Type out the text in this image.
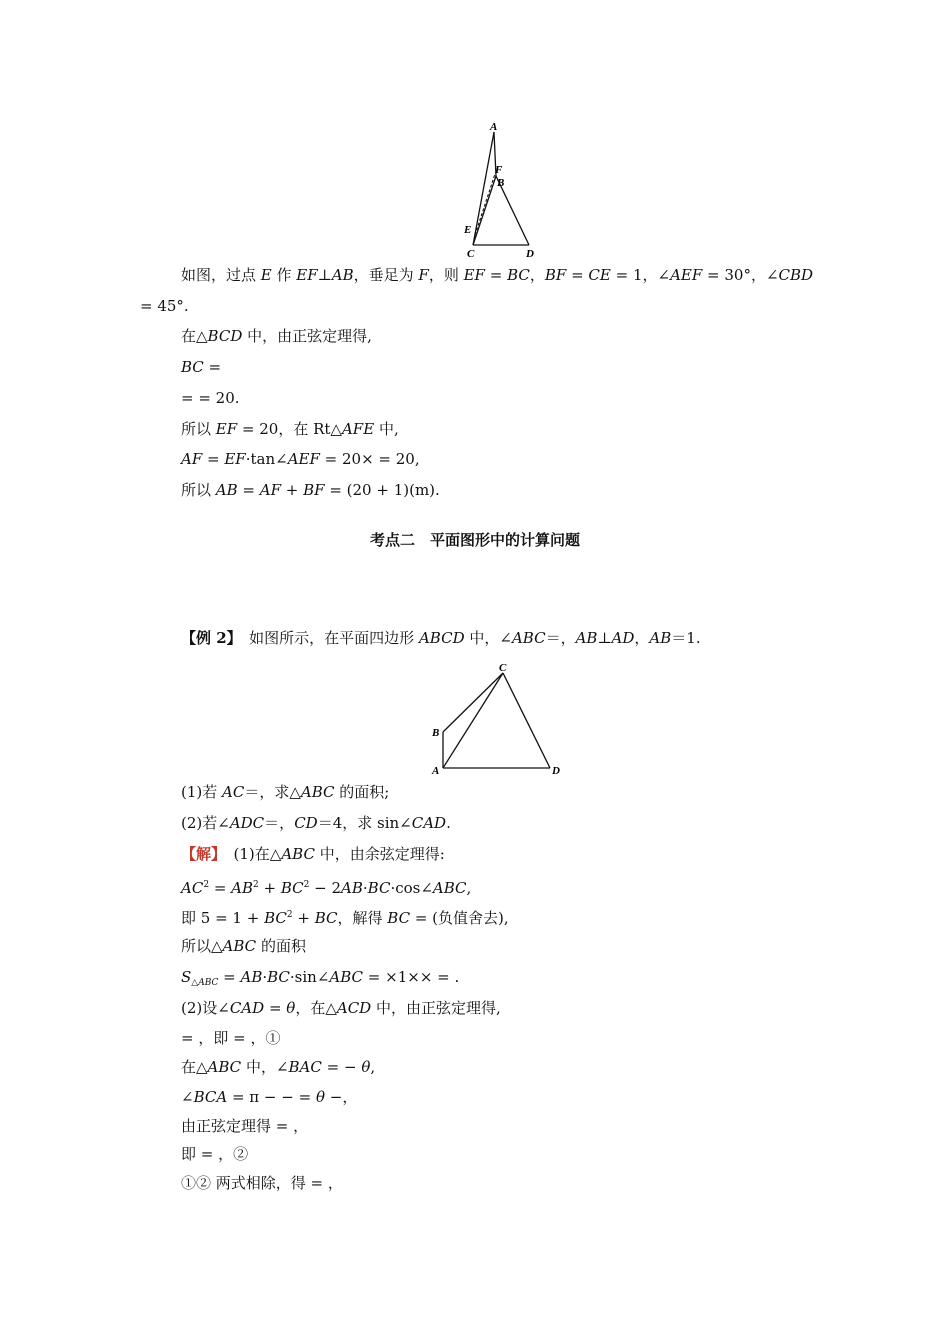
A
F
B
E
C	D
如图，过点 E 作 EF⊥AB，垂足为 F，则 EF = BC，BF = CE = 1，∠AEF = 30°，∠CBD
= 45°.
在△BCD 中，由正弦定理得,
BC =
= = 20.
所以 EF = 20，在 Rt△AFE 中,
AF = EF·tan∠AEF = 20× = 20,
所以 AB = AF + BF = (20 + 1)(m).
考点二　平面图形中的计算问题
【例 2】　如图所示，在平面四边形 ABCD 中，∠ABC＝，AB⊥AD，AB＝1.
C
B
A	D
(1)若 AC＝，求△ABC 的面积;
(2)若∠ADC＝，CD＝4，求 sin∠CAD.
【解】　(1)在△ABC 中，由余弦定理得:
$AC^2 = AB^2 + BC^2$ − 2AB·BC·cos∠ABC,
即 $5 = 1 + BC^2$ + BC，解得 BC = (负值舍去),
所以△ABC 的面积
$S_{\triangle ABC}$ = AB·BC·sin∠ABC = ×1×× = .
(2)设∠CAD = θ，在△ACD 中，由正弦定理得,
= ，即 = ，①
在△ABC 中，∠BAC = − θ,
∠BCA = π − − = θ −，
由正弦定理得 = ，
即 = ，②
①② 两式相除，得 = ，
